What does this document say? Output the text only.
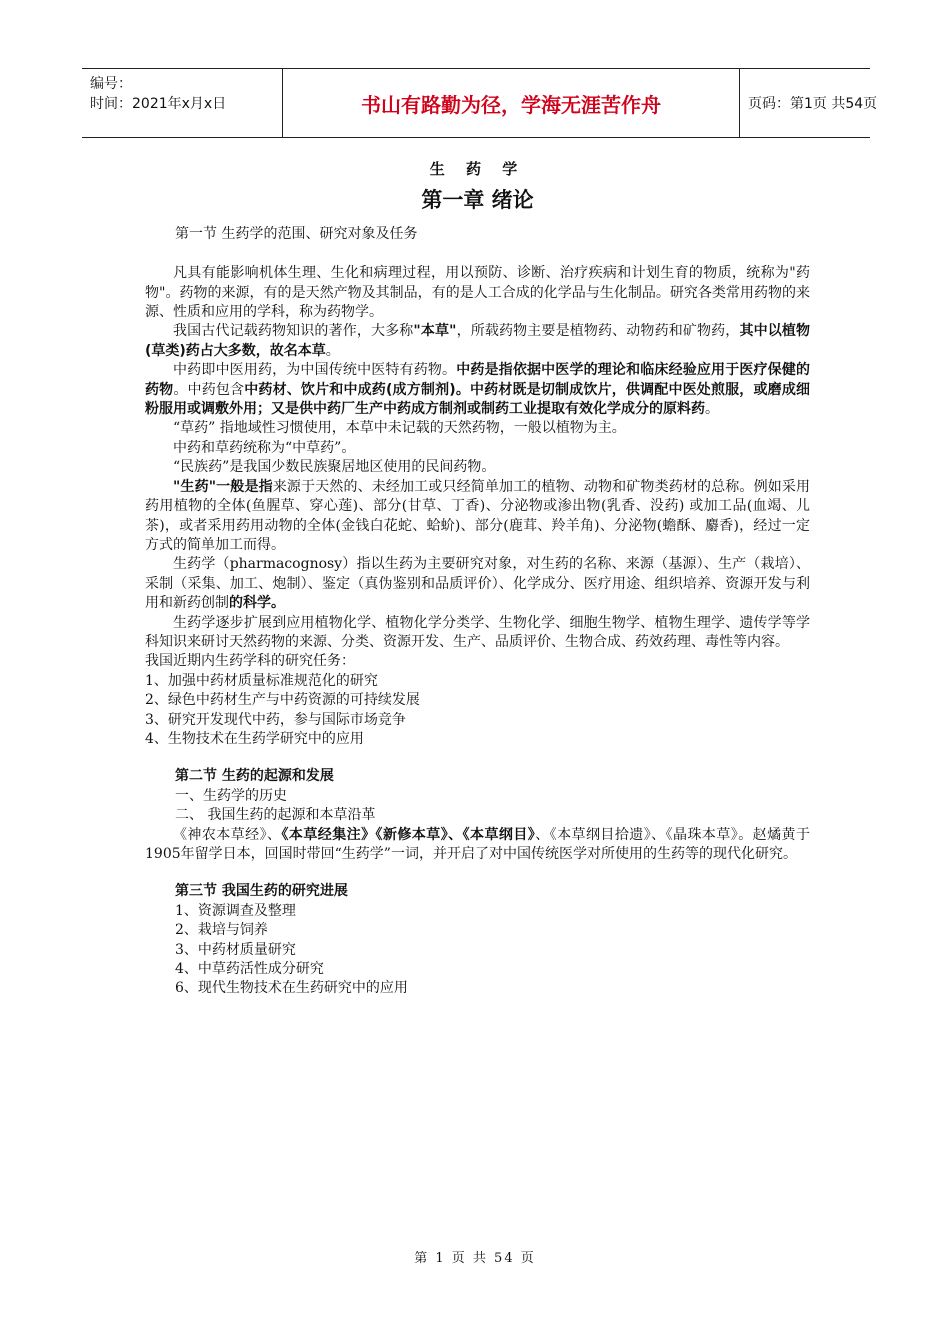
编号：
时间：2021年x月x日	书山有路勤为径，学海无涯苦作舟	页码：第1页 共54页

生 药 学

第一章 绪论

第一节 生药学的范围、研究对象及任务

凡具有能影响机体生理、生化和病理过程，用以预防、诊断、治疗疾病和计划生育的物质，统称为"药物"。药物的来源，有的是天然产物及其制品，有的是人工合成的化学品与生化制品。研究各类常用药物的来源、性质和应用的学科，称为药物学。

我国古代记载药物知识的著作，大多称"本草"，所载药物主要是植物药、动物药和矿物药，其中以植物(草类)药占大多数，故名本草。

中药即中医用药，为中国传统中医特有药物。中药是指依据中医学的理论和临床经验应用于医疗保健的药物。中药包含中药材、饮片和中成药(成方制剂)。中药材既是切制成饮片，供调配中医处煎服，或磨成细粉服用或调敷外用；又是供中药厂生产中药成方制剂或制药工业提取有效化学成分的原料药。

“草药” 指地域性习惯使用，本草中未记载的天然药物，一般以植物为主。

中药和草药统称为“中草药”。

“民族药”是我国少数民族聚居地区使用的民间药物。

"生药"一般是指来源于天然的、未经加工或只经简单加工的植物、动物和矿物类药材的总称。例如采用药用植物的全体(鱼腥草、穿心莲)、部分(甘草、丁香)、分泌物或渗出物(乳香、没药) 或加工品(血竭、儿茶)，或者采用药用动物的全体(金钱白花蛇、蛤蚧)、部分(鹿茸、羚羊角)、分泌物(蟾酥、麝香)，经过一定方式的简单加工而得。

生药学（pharmacognosy）指以生药为主要研究对象，对生药的名称、来源（基源）、生产（栽培）、采制（采集、加工、炮制）、鉴定（真伪鉴别和品质评价）、化学成分、医疗用途、组织培养、资源开发与利用和新药创制的科学。

生药学逐步扩展到应用植物化学、植物化学分类学、生物化学、细胞生物学、植物生理学、遗传学等学科知识来研讨天然药物的来源、分类、资源开发、生产、品质评价、生物合成、药效药理、毒性等内容。

我国近期内生药学科的研究任务：

1、加强中药材质量标准规范化的研究

2、绿色中药材生产与中药资源的可持续发展

3、研究开发现代中药，参与国际市场竞争

4、生物技术在生药学研究中的应用

第二节 生药的起源和发展

一、生药学的历史

二、 我国生药的起源和本草沿革

《神农本草经》、《本草经集注》《新修本草》、《本草纲目》、《本草纲目拾遗》、《晶珠本草》。赵燏黄于1905年留学日本，回国时带回“生药学”一词，并开启了对中国传统医学对所使用的生药等的现代化研究。

第三节 我国生药的研究进展

1、资源调查及整理

2、栽培与饲养

3、中药材质量研究

4、中草药活性成分研究

6、现代生物技术在生药研究中的应用

第 1 页 共 54 页
